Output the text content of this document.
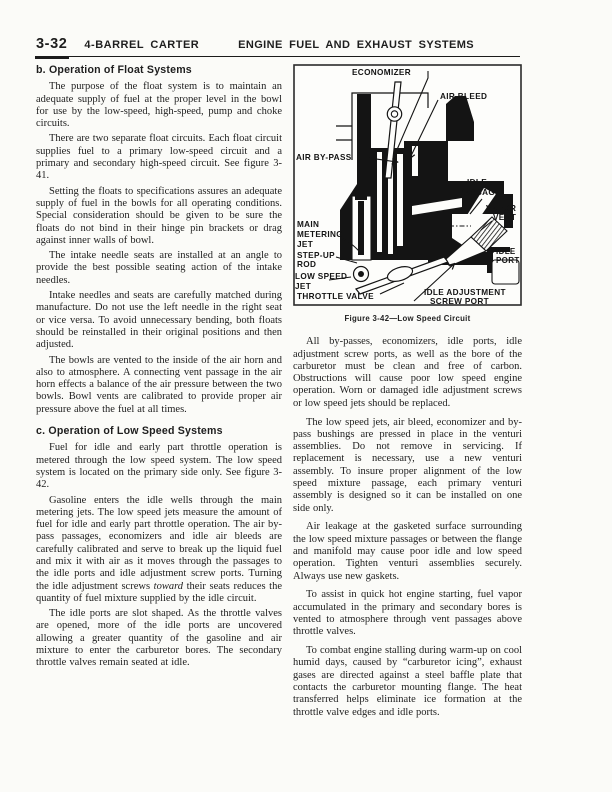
3-32 4-BARREL CARTER	ENGINE FUEL AND EXHAUST SYSTEMS
b. Operation of Float Systems

The purpose of the float system is to maintain an adequate supply of fuel at the proper level in the bowl for use by the low-speed, high-speed, pump and choke circuits.

There are two separate float circuits. Each float circuit supplies fuel to a primary low-speed circuit and a primary and secondary high-speed circuit. See figure 3-41.

Setting the floats to specifications assures an adequate supply of fuel in the bowls for all operating conditions. Special consideration should be given to be sure the floats do not bind in their hinge pin brackets or drag against inner walls of bowl.

The intake needle seats are installed at an angle to provide the best possible seating action of the intake needles.

Intake needles and seats are carefully matched during manufacture. Do not use the left needle in the right seat or vice versa. To avoid unnecessary bending, both floats should be reinstalled in their original positions and then adjusted.

The bowls are vented to the inside of the air horn and also to atmosphere. A connecting vent passage in the air horn effects a balance of the air pressure between the two bowls. Bowl vents are calibrated to provide proper air pressure above the fuel at all times.

c. Operation of Low Speed Systems

Fuel for idle and early part throttle operation is metered through the low speed system. The low speed system is located on the primary side only. See figure 3-42.

Gasoline enters the idle wells through the main metering jets. The low speed jets measure the amount of fuel for idle and early part throttle operation. The air by-pass passages, economizers and idle air bleeds are carefully calibrated and serve to break up the liquid fuel and mix it with air as it moves through the passages to the idle ports and idle adjustment screw ports. Turning the idle adjustment screws toward their seats reduces the quantity of fuel mixture supplied by the idle circuit.

The idle ports are slot shaped. As the throttle valves are opened, more of the idle ports are uncovered allowing a greater quantity of the gasoline and air mixture to enter the carburetor bores. The secondary throttle valves remain seated at idle.

ECONOMIZER
AIR BLEED
AIR BY-PASS
IDLE
PASSAGE
VAPOR
VENT
MAIN
METERING
JET
STEP-UP
ROD
LOW SPEED
JET
THROTTLE VALVE
IDLE
PORT
IDLE ADJUSTMENT
SCREW PORT
Figure 3-42—Low Speed Circuit

All by-passes, economizers, idle ports, idle adjustment screw ports, as well as the bore of the carburetor must be clean and free of carbon. Obstructions will cause poor low speed engine operation. Worn or damaged idle adjustment screws or low speed jets should be replaced.

The low speed jets, air bleed, economizer and by-pass bushings are pressed in place in the venturi assemblies. Do not remove in servicing. If replacement is necessary, use a new venturi assembly. To insure proper alignment of the low speed mixture passage, each primary venturi assembly is designed so it can be installed on one side only.

Air leakage at the gasketed surface surrounding the low speed mixture passages or between the flange and manifold may cause poor idle and low speed operation. Tighten venturi assemblies securely. Always use new gaskets.

To assist in quick hot engine starting, fuel vapor accumulated in the primary and secondary bores is vented to atmosphere through vent passages above throttle valves.

To combat engine stalling during warm-up on cool humid days, caused by “carburetor icing”, exhaust gases are directed against a steel baffle plate that contacts the carburetor mounting flange. The heat transferred helps eliminate ice formation at the throttle valve edges and idle ports.
